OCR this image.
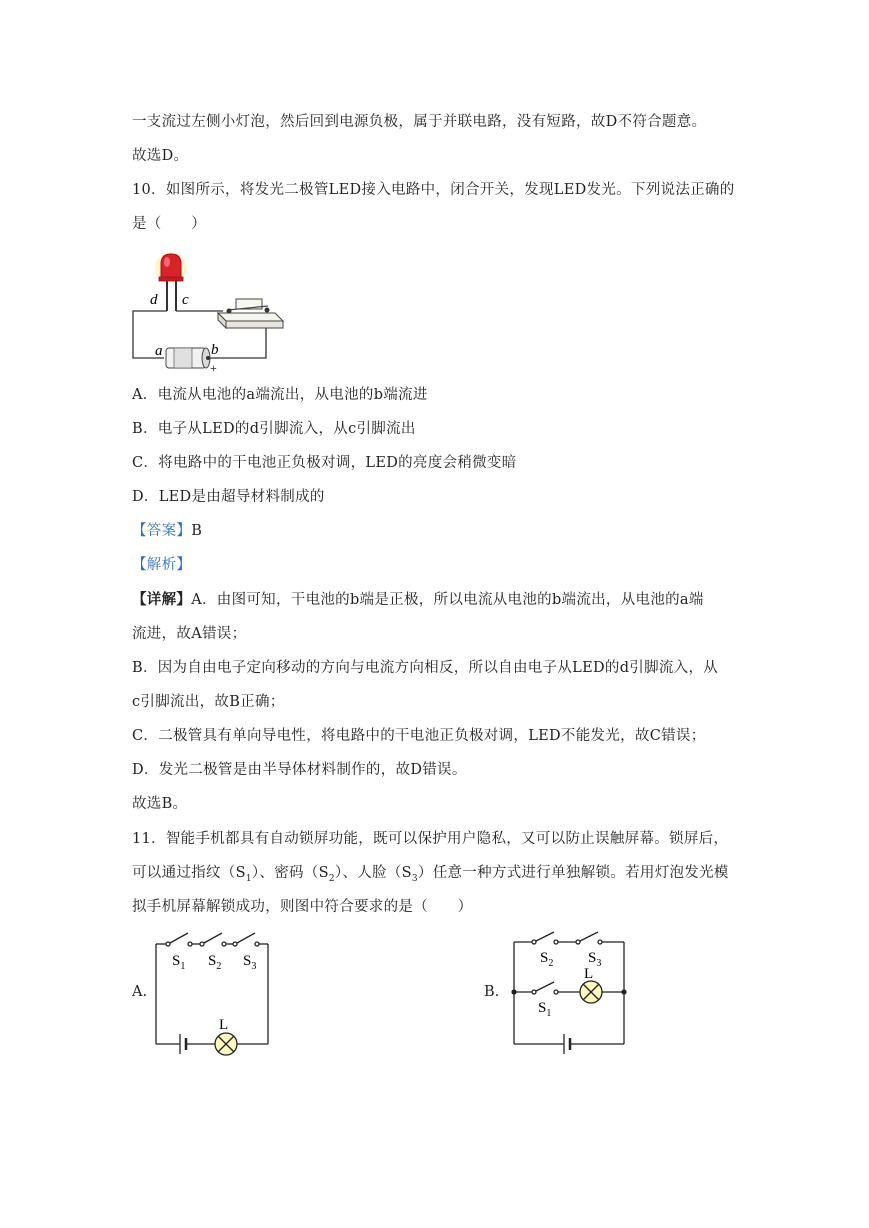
一支流过左侧小灯泡，然后回到电源负极，属于并联电路，没有短路，故D不符合题意。
故选D。
10．如图所示，将发光二极管LED接入电路中，闭合开关，发现LED发光。下列说法正确的
是（　　）
d c
a	b
+
A．电流从电池的a端流出，从电池的b端流进
B．电子从LED的d引脚流入，从c引脚流出
C．将电路中的干电池正负极对调，LED的亮度会稍微变暗
D．LED是由超导材料制成的
【答案】B
【解析】
【详解】A．由图可知，干电池的b端是正极，所以电流从电池的b端流出，从电池的a端
流进，故A错误；
B．因为自由电子定向移动的方向与电流方向相反，所以自由电子从LED的d引脚流入，从
c引脚流出，故B正确；
C．二极管具有单向导电性，将电路中的干电池正负极对调，LED不能发光，故C错误；
D．发光二极管是由半导体材料制作的，故D错误。
故选B。
11．智能手机都具有自动锁屏功能，既可以保护用户隐私，又可以防止误触屏幕。锁屏后，
可以通过指纹$(S_1)$、密码$(S_2)$、人脸$(S_3)$任意一种方式进行单独解锁。若用灯泡发光模
拟手机屏幕解锁成功，则图中符合要求的是（　　）
A.
$S_1$ $S_2$ $S_3$
L
B.
$S_2$ $S_3$
L
$S_1$
